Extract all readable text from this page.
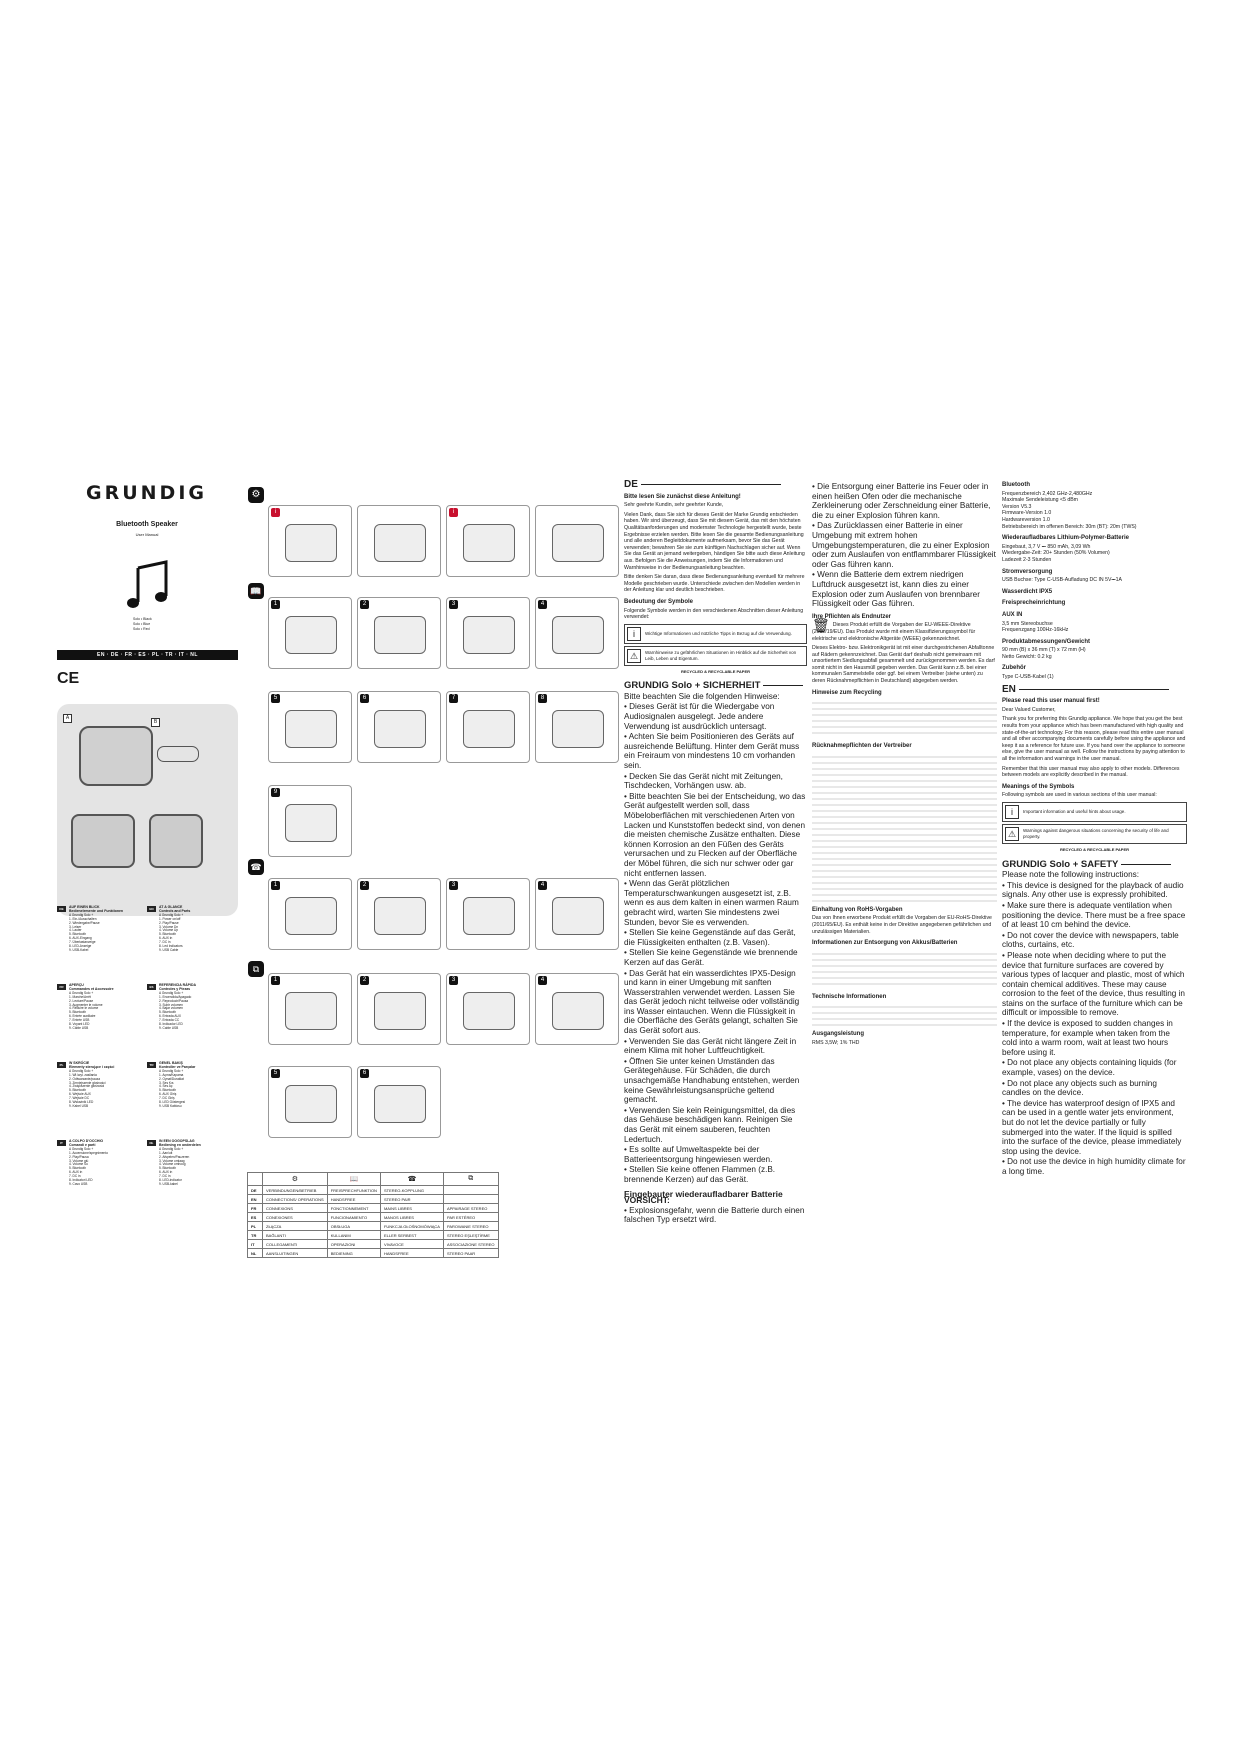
GRUNDIG	⚙
Bluetooth Speaker
User Manual
Solo • Black
Solo • Blue
Solo • Red
EN · DE · FR · ES · PL · TR · IT · NL
CE
A
B
DE	AUF EINEN BLICK
Bedienelemente und Funktionen
A Grundig Solo +
1. Ein-/Ausschalten
2. Wiedergabe/Pause
3. Leiser
4. Lauter
5. Bluetooth
6. AUX-Eingang
7. Überlastanzeige
8. LED-Anzeige
9. USB-Kabel
EN	AT A GLANCE
Controls and Parts
A Grundig Solo +
1. Power on/off
2. Play/Pause
3. Volume Dn
4. Volume Up
5. Bluetooth
6. AUX in
7. DC in
8. Led Indicators
9. USB Cable
FR	APERÇU
Commandes et Accessoire
A Grundig Solo +
1. Marche/Arrêt
2. Lecture/Pause
3. Augmenter le volume
4. Réduire le volume
5. Bluetooth
6. Entrée auxiliaire
7. Entrée USB
8. Voyant LED
9. Câble USB
ES	REFERENCIA RÁPIDA
Controles y Piezas
A Grundig Solo +
1. Encendido/Apagado
2. Reproducir/Pausa
3. Subir volumen
4. Bajar volumen
5. Bluetooth
6. Entrada AUX
7. Entrada CC
8. Indicador LED
9. Cable USB
PL	W SKRÓCIE
Elementy sterujące i części
A Grundig Solo +
1. Wł./wył. zasilania
2. Odtwarzanie/pauza
3. Zmniejszenie głośności
4. Zwiększenie głośności
5. Bluetooth
6. Wejście AUX
7. Wejście DC
8. Wskaźnik LED
9. Kabel USB
TR	GENEL BAKIŞ
Kontroller ve Parçalar
A Grundig Solo +
1. Açma/Kapama
2. Oynat/Duraklat
3. Ses Kıs
4. Ses Aç
5. Bluetooth
6. AUX Giriş
7. DC Giriş
8. LED Göstergesi
9. USB Kablosu
IT	A COLPO D'OCCHIO
Comandi e parti
A Grundig Solo +
1. Accensione/spegnimento
2. Play/Pausa
3. Volume giù
4. Volume Su
5. Bluetooth
6. AUX in
7. DC in
8. Indicatori LED
9. Cavo USB
NL	IN EEN OOGOPSLAG
Bediening en onderdelen
A Grundig Solo +
1. Aan/uit
2. Afspelen/Pauzeren
3. Volume omlaag
4. Volume omhoog
5. Bluetooth
6. AUX in
7. DC in
8. LED-indicator
9. USB-kabel
📖
☎
⧉
i	i
1	2	3	4
5	6	7	8
9
1	2	3	4
1	2	3	4
5	6
	⚙	📖	☎	⧉
DE	VERBINDUNGEN/BETRIEB	FREISPRECHFUNKTION	STEREO-KOPPLUNG	
EN	CONNECTIONS/ OPERATIONS	HANDSFREE	STEREO PAIR	
FR	CONNEXIONS	FONCTIONNEMENT	MAINS LIBRES	APPAIRAGE STEREO
ES	CONEXIONES	FUNCIONAMIENTO	MANOS LIBRES	PAR ESTÉREO
PL	ZŁĄCZA	OBSŁUGA	FUNKCJA GŁOŚNOMÓWIĄCA	PAROWANIE STEREO
TR	BAĞLANTI	KULLANIM	ELLER SERBEST	STEREO EŞLEŞTİRME
IT	COLLEGAMENTI	OPERAZIONI	VIVAVOCE	ASSOCIAZIONE STEREO
NL	AANSLUITINGEN	BEDIENING	HANDSFREE	STEREO PAAR
DE
Bitte lesen Sie zunächst diese Anleitung!

Sehr geehrte Kundin, sehr geehrter Kunde,

Vielen Dank, dass Sie sich für dieses Gerät der Marke Grundig entschieden haben. Wir sind überzeugt, dass Sie mit diesem Gerät, das mit den höchsten Qualitätsanforderungen und modernster Technologie hergestellt wurde, beste Ergebnisse erzielen werden. Bitte lesen Sie die gesamte Bedienungsanleitung und alle anderen Begleitdokumente aufmerksam, bevor Sie das Gerät verwenden; bewahren Sie sie zum künftigen Nachschlagen sicher auf. Wenn Sie das Gerät an jemand weitergeben, händigen Sie bitte auch diese Anleitung aus. Befolgen Sie die Anweisungen, indem Sie die Informationen und Warnhinweise in der Bedienungsanleitung beachten.

Bitte denken Sie daran, dass diese Bedienungsanleitung eventuell für mehrere Modelle geschrieben wurde. Unterschiede zwischen den Modellen werden in der Anleitung klar und deutlich beschrieben.

Bedeutung der Symbole

Folgende Symbole werden in den verschiedenen Abschnitten dieser Anleitung verwendet:

i	Wichtige Informationen und nützliche Tipps in Bezug auf die Verwendung.
⚠	Warnhinweise zu gefährlichen Situationen im Hinblick auf die Sicherheit von Leib, Leben und Eigentum.
RECYCLED & RECYCLABLE PAPER
GRUNDIG Solo + SICHERHEIT

Bitte beachten Sie die folgenden Hinweise:

• Dieses Gerät ist für die Wiedergabe von Audiosignalen ausgelegt. Jede andere Verwendung ist ausdrücklich untersagt.

• Achten Sie beim Positionieren des Geräts auf ausreichende Belüftung. Hinter dem Gerät muss ein Freiraum von mindestens 10 cm vorhanden sein.

• Decken Sie das Gerät nicht mit Zeitungen, Tischdecken, Vorhängen usw. ab.

• Bitte beachten Sie bei der Entscheidung, wo das Gerät aufgestellt werden soll, dass Möbeloberflächen mit verschiedenen Arten von Lacken und Kunststoffen bedeckt sind, von denen die meisten chemische Zusätze enthalten. Diese können Korrosion an den Füßen des Geräts verursachen und zu Flecken auf der Oberfläche der Möbel führen, die sich nur schwer oder gar nicht entfernen lassen.

• Wenn das Gerät plötzlichen Temperaturschwankungen ausgesetzt ist, z.B. wenn es aus dem kalten in einen warmen Raum gebracht wird, warten Sie mindestens zwei Stunden, bevor Sie es verwenden.

• Stellen Sie keine Gegenstände auf das Gerät, die Flüssigkeiten enthalten (z.B. Vasen).

• Stellen Sie keine Gegenstände wie brennende Kerzen auf das Gerät.

• Das Gerät hat ein wasserdichtes IPX5-Design und kann in einer Umgebung mit sanften Wasserstrahlen verwendet werden. Lassen Sie das Gerät jedoch nicht teilweise oder vollständig ins Wasser eintauchen. Wenn die Flüssigkeit in die Oberfläche des Geräts gelangt, schalten Sie das Gerät sofort aus.

• Verwenden Sie das Gerät nicht längere Zeit in einem Klima mit hoher Luftfeuchtigkeit.

• Öffnen Sie unter keinen Umständen das Gerätegehäuse. Für Schäden, die durch unsachgemäße Handhabung entstehen, werden keine Gewährleistungsansprüche geltend gemacht.

• Verwenden Sie kein Reinigungsmittel, da dies das Gehäuse beschädigen kann. Reinigen Sie das Gerät mit einem sauberen, feuchten Ledertuch.

• Es sollte auf Umweltaspekte bei der Batterieentsorgung hingewiesen werden.

• Stellen Sie keine offenen Flammen (z.B. brennende Kerzen) auf das Gerät.

Eingebauter wiederaufladbarer Batterie VORSICHT:

• Explosionsgefahr, wenn die Batterie durch einen falschen Typ ersetzt wird.

• Die Entsorgung einer Batterie ins Feuer oder in einen heißen Ofen oder die mechanische Zerkleinerung oder Zerschneidung einer Batterie, die zu einer Explosion führen kann.

• Das Zurücklassen einer Batterie in einer Umgebung mit extrem hohen Umgebungstemperaturen, die zu einer Explosion oder zum Auslaufen von entflammbarer Flüssigkeit oder Gas führen kann.

• Wenn die Batterie dem extrem niedrigen Luftdruck ausgesetzt ist, kann dies zu einer Explosion oder zum Auslaufen von brennbarer Flüssigkeit oder Gas führen.

Ihre Pflichten als Endnutzer

🗑 Dieses Produkt erfüllt die Vorgaben der EU-WEEE-Direktive (2012/19/EU). Das Produkt wurde mit einem Klassifizierungssymbol für elektrische und elektronische Altgeräte (WEEE) gekennzeichnet.

Dieses Elektro- bzw. Elektronikgerät ist mit einer durchgestrichenen Abfalltonne auf Rädern gekennzeichnet. Das Gerät darf deshalb nicht gemeinsam mit unsortiertem Siedlungsabfall gesammelt und zurückgenommen werden. Es darf somit nicht in den Hausmüll gegeben werden. Das Gerät kann z.B. bei einer kommunalen Sammelstelle oder ggf. bei einem Vertreiber (siehe unten) zu deren Rücknahmepflichten in Deutschland) abgegeben werden.

Hinweise zum Recycling

Rücknahmepflichten der Vertreiber

Einhaltung von RoHS-Vorgaben

Das von Ihnen erworbene Produkt erfüllt die Vorgaben der EU-RoHS-Direktive (2011/65/EU). Es enthält keine in der Direktive angegebenen gefährlichen und unzulässigen Materialien.

Informationen zur Entsorgung von Akkus/Batterien

Technische Informationen

Ausgangsleistung

RMS 3,5W; 1% THD

Bluetooth
Frequenzbereich 2,402 GHz-2,480GHz
Maximale Sendeleistung <5 dBm
Version V5.3
Firmware-Version 1.0
Hardwareversion 1.0
Betriebsbereich im offenen Bereich: 30m (BT): 20m (TWS)
Wiederaufladbares Lithium-Polymer-Batterie
Eingebaut, 3,7 V ⎓ 850 mAh, 3,09 Wh
Wiedergabe-Zeit: 20+ Stunden (50% Volumen)
Ladezeit 2-3 Stunden
Stromversorgung

USB Buchse: Type C-USB-Aufladung DC IN 5V⎓1A

Wasserdicht IPX5
Freisprecheinrichtung
AUX IN
3,5 mm Stereobuchse
Frequenzgang 100Hz-16kHz
Produktabmessungen/Gewicht
90 mm (B) x 36 mm (T) x 72 mm (H)
Netto Gewicht: 0.2 kg
Zubehör

Type C-USB-Kabel (1)

EN
Please read this user manual first!

Dear Valued Customer,

Thank you for preferring this Grundig appliance. We hope that you get the best results from your appliance which has been manufactured with high quality and state-of-the-art technology. For this reason, please read this entire user manual and all other accompanying documents carefully before using the appliance and keep it as a reference for future use. If you hand over the appliance to someone else, give the user manual as well. Follow the instructions by paying attention to all the information and warnings in the user manual.

Remember that this user manual may also apply to other models. Differences between models are explicitly described in the manual.

Meanings of the Symbols

Following symbols are used in various sections of this user manual:

i	Important information and useful hints about usage.
⚠	Warnings against dangerous situations concerning the security of life and property.
RECYCLED & RECYCLABLE PAPER
GRUNDIG Solo + SAFETY

Please note the following instructions:

• This device is designed for the playback of audio signals. Any other use is expressly prohibited.

• Make sure there is adequate ventilation when positioning the device. There must be a free space of at least 10 cm behind the device.

• Do not cover the device with newspapers, table cloths, curtains, etc.

• Please note when deciding where to put the device that furniture surfaces are covered by various types of lacquer and plastic, most of which contain chemical additives. These may cause corrosion to the feet of the device, thus resulting in stains on the surface of the furniture which can be difficult or impossible to remove.

• If the device is exposed to sudden changes in temperature, for example when taken from the cold into a warm room, wait at least two hours before using it.

• Do not place any objects containing liquids (for example, vases) on the device.

• Do not place any objects such as burning candles on the device.

• The device has waterproof design of IPX5 and can be used in a gentle water jets environment, but do not let the device partially or fully submerged into the water. If the liquid is spilled into the surface of the device, please immediately stop using the device.

• Do not use the device in high humidity climate for a long time.
